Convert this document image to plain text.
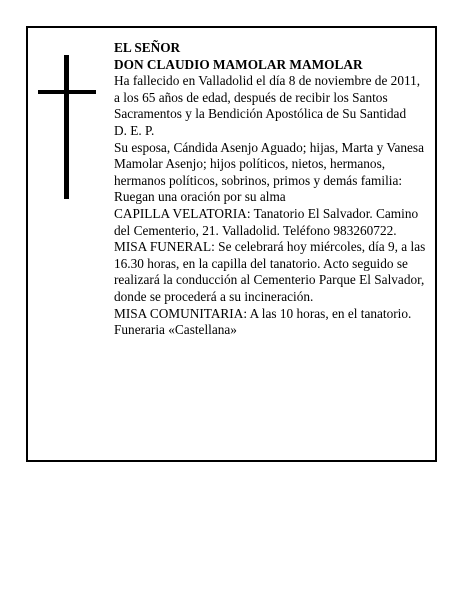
EL SEÑOR

DON CLAUDIO MAMOLAR MAMOLAR

Ha fallecido en Valladolid el día 8 de noviembre de 2011, a los 65 años de edad, después de recibir los Santos Sacramentos y la Bendición Apostólica de Su Santidad

D. E. P.

Su esposa, Cándida Asenjo Aguado; hijas, Marta y Vanesa Mamolar Asenjo; hijos políticos, nietos, hermanos, hermanos políticos, sobrinos, primos y demás familia:

Ruegan una oración por su alma

CAPILLA VELATORIA: Tanatorio El Salvador. Camino del Cementerio, 21. Valladolid. Teléfono 983260722.

MISA FUNERAL: Se celebrará hoy miércoles, día 9, a las 16.30 horas, en la capilla del tanatorio. Acto seguido se realizará la conducción al Cementerio Parque El Salvador, donde se procederá a su incineración.

MISA COMUNITARIA: A las 10 horas, en el tanatorio.

Funeraria «Castellana»
